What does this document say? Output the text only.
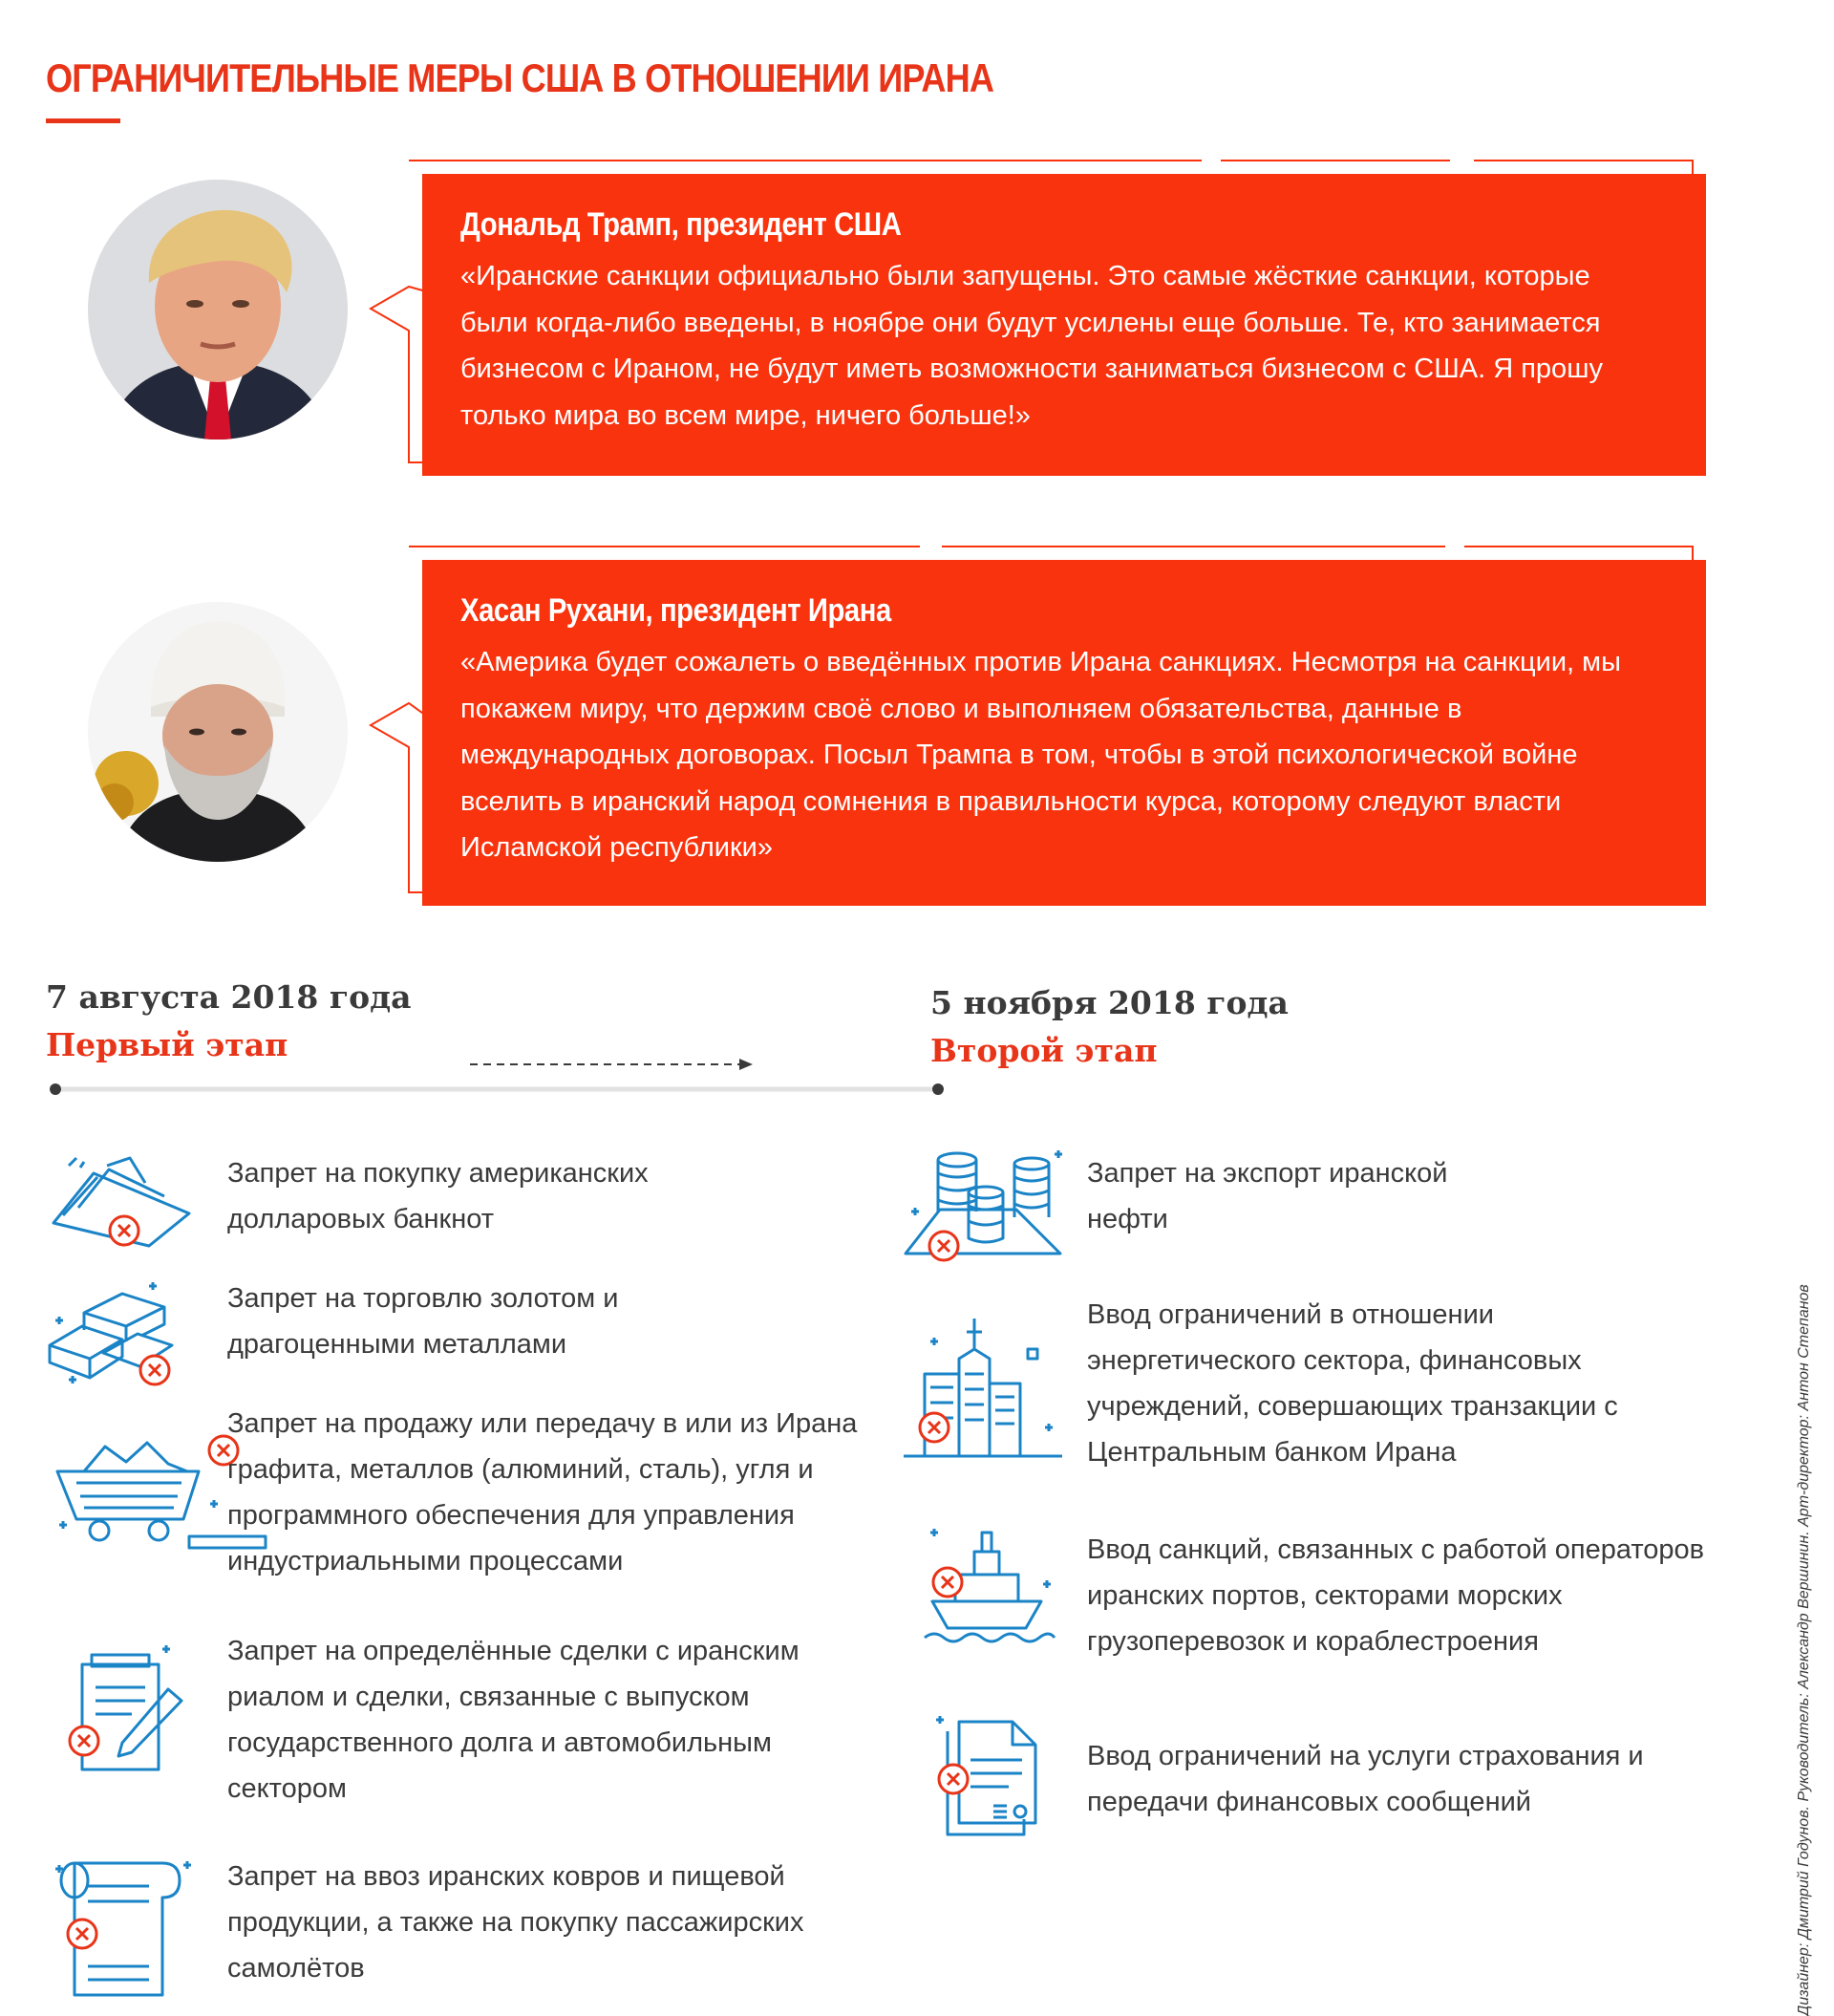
ОГРАНИЧИТЕЛЬНЫЕ МЕРЫ США В ОТНОШЕНИИ ИРАНА

Дональд Трамп, президент США

«Иранские санкции официально были запущены. Это самые жёсткие санкции, которые были когда-либо введены, в ноябре они будут усилены еще больше. Те, кто занимается бизнесом с Ираном, не будут иметь возможности заниматься бизнесом с США. Я прошу только мира во всем мире, ничего больше!»

Хасан Рухани, президент Ирана

«Америка будет сожалеть о введённых против Ирана санкциях. Несмотря на санкции, мы покажем миру, что держим своё слово и выполняем обязательства, данные в международных договорах. Посыл Трампа в том, чтобы в этой психологической войне вселить в иранский народ сомнения в правильности курса, которому следуют власти Исламской республики»

7 августа 2018 года

Первый этап

5 ноября 2018 года

Второй этап

Запрет на покупку американских долларовых банкнот

Запрет на торговлю золотом и драгоценными металлами

Запрет на продажу или передачу в или из Ирана графита, металлов (алюминий, сталь), угля и программного обеспечения для управления индустриальными процессами

Запрет на определённые сделки с иранским риалом и сделки, связанные с выпуском государственного долга и автомобильным сектором

Запрет на ввоз иранских ковров и пищевой продукции, а также на покупку пассажирских самолётов

Запрет на экспорт иранской нефти

Ввод ограничений в отношении энергетического сектора, финансовых учреждений, совершающих транзакции с Центральным банком Ирана

Ввод санкций, связанных с работой операторов иранских портов, секторами морских грузоперевозок и кораблестроения

Ввод ограничений на услуги страхования и передачи финансовых сообщений	Дизайнер: Дмитрий Годунов. Руководитель: Александр Вершинин. Арт-директор: Антон Степанов
